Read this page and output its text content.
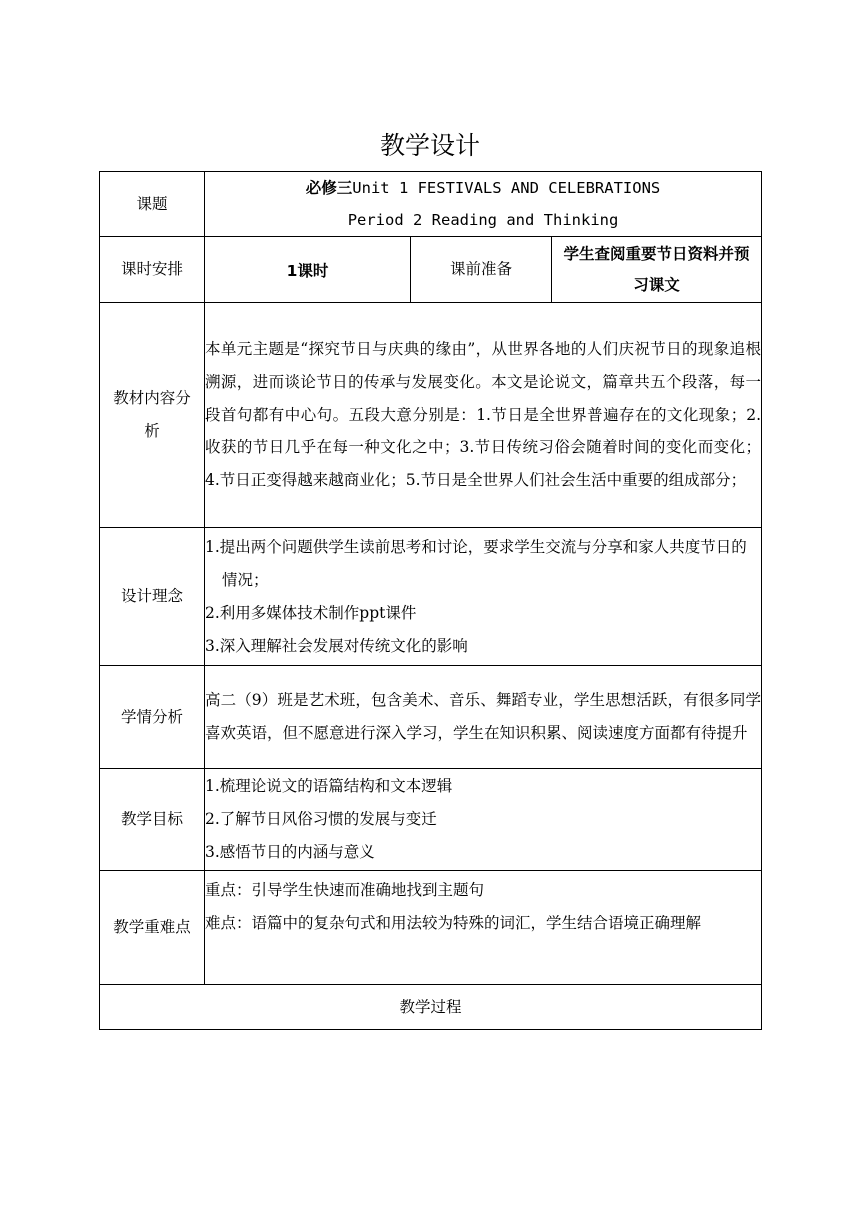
教学设计
课题	必修三Unit 1 FESTIVALS AND CELEBRATIONS
Period 2 Reading and Thinking		

课时安排	1课时	课前准备	学生查阅重要节日资料并预习课文
教材内容分析	本单元主题是“探究节日与庆典的缘由”，从世界各地的人们庆祝节日的现象追根溯源，进而谈论节日的传承与发展变化。本文是论说文，篇章共五个段落，每一段首句都有中心句。五段大意分别是：1.节日是全世界普遍存在的文化现象；2.收获的节日几乎在每一种文化之中；3.节日传统习俗会随着时间的变化而变化；4.节日正变得越来越商业化；5.节日是全世界人们社会生活中重要的组成部分；		
设计理念	1.提出两个问题供学生读前思考和讨论，要求学生交流与分享和家人共度节日的情况；
2.利用多媒体技术制作ppt课件
3.深入理解社会发展对传统文化的影响		

学情分析	高二（9）班是艺术班，包含美术、音乐、舞蹈专业，学生思想活跃，有很多同学喜欢英语，但不愿意进行深入学习，学生在知识积累、阅读速度方面都有待提升		
教学目标	1.梳理论说文的语篇结构和文本逻辑
2.了解节日风俗习惯的发展与变迁
3.感悟节日的内涵与意义		

教学重难点	重点：引导学生快速而准确地找到主题句
难点：语篇中的复杂句式和用法较为特殊的词汇，学生结合语境正确理解		

教学过程			
